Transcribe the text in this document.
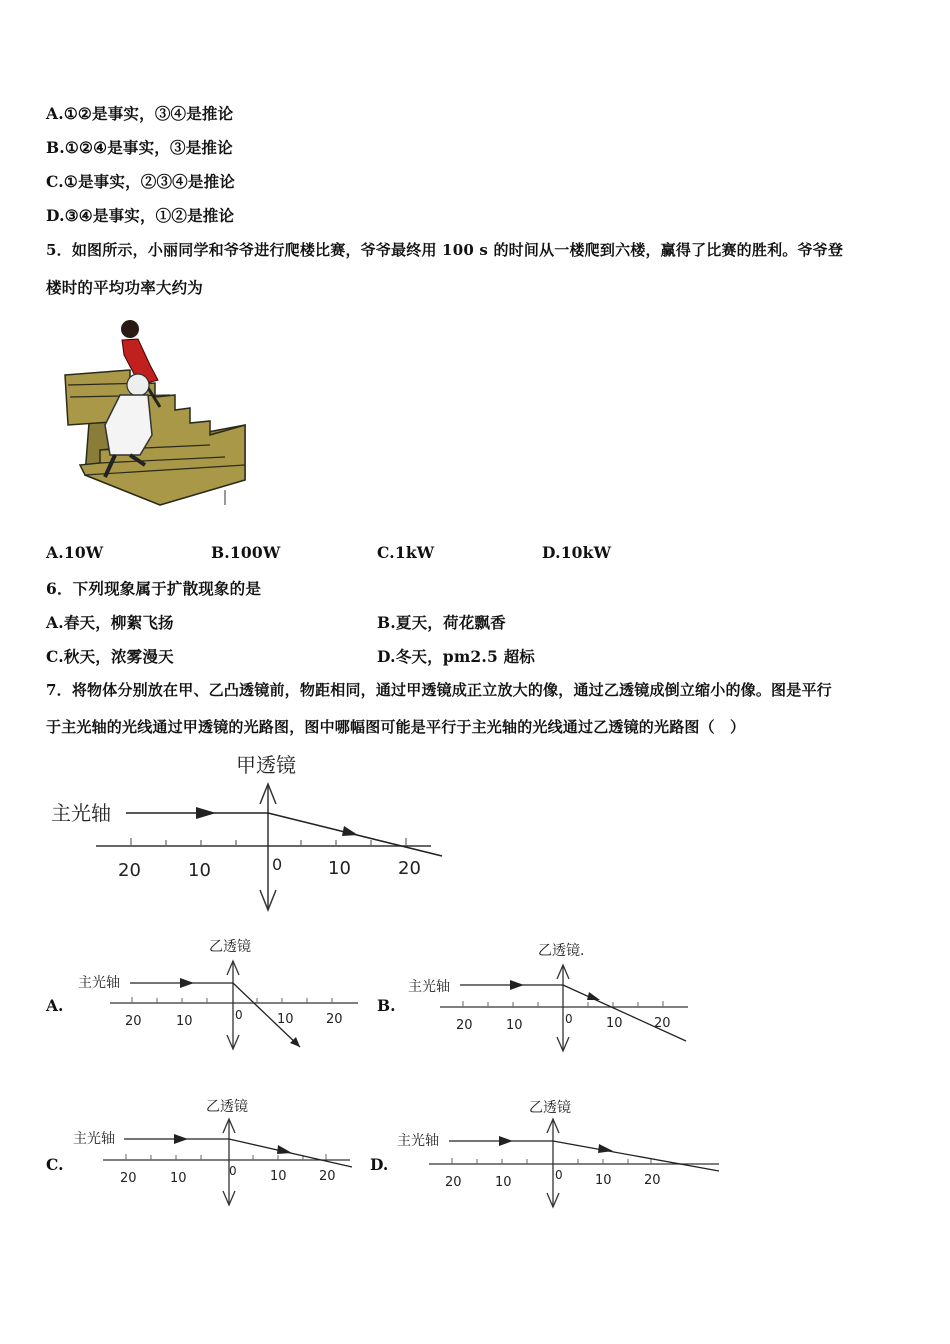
A.①②是事实，③④是推论
B.①②④是事实，③是推论
C.①是事实，②③④是推论
D.③④是事实，①②是推论
5．如图所示，小丽同学和爷爷进行爬楼比赛，爷爷最终用 100 s 的时间从一楼爬到六楼，赢得了比赛的胜利。爷爷登
楼时的平均功率大约为
A.10W	B.100W	C.1kW	D.10kW
6．下列现象属于扩散现象的是
A.春天，柳絮飞扬	B.夏天，荷花飘香
C.秋天，浓雾漫天	D.冬天，pm2.5 超标
7．将物体分别放在甲、乙凸透镜前，物距相同，通过甲透镜成正立放大的像，通过乙透镜成倒立缩小的像。图是平行
于主光轴的光线通过甲透镜的光路图，图中哪幅图可能是平行于主光轴的光线通过乙透镜的光路图（　）
甲透镜
主光轴
20	10	0	10	20
A.
乙透镜
主光轴
20	10	0	10 20
B.
乙透镜.
主光轴
20	10	0	10 20
C.
乙透镜
主光轴
20	10	0	10 20
D.
乙透镜
主光轴
20	10	0 10 20
